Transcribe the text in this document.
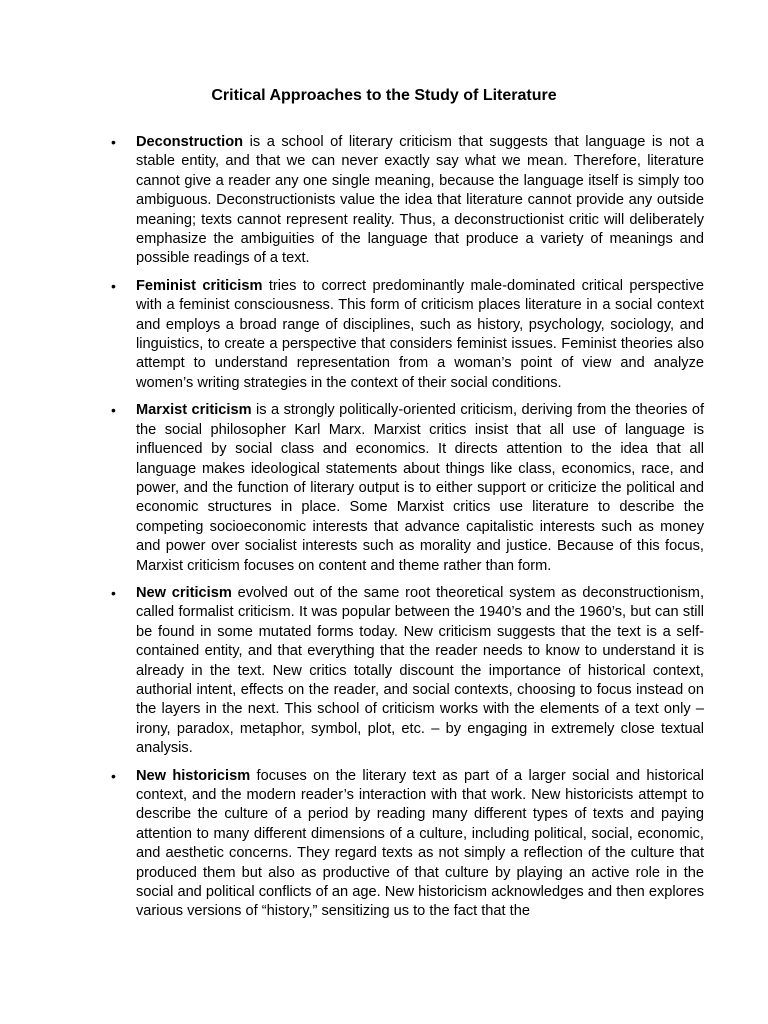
Critical Approaches to the Study of Literature
• Deconstruction is a school of literary criticism that suggests that language is not a stable entity, and that we can never exactly say what we mean. Therefore, literature cannot give a reader any one single meaning, because the language itself is simply too ambiguous. Deconstructionists value the idea that literature cannot provide any outside meaning; texts cannot represent reality. Thus, a deconstructionist critic will deliberately emphasize the ambiguities of the language that produce a variety of meanings and possible readings of a text.
• Feminist criticism tries to correct predominantly male-dominated critical perspective with a feminist consciousness. This form of criticism places literature in a social context and employs a broad range of disciplines, such as history, psychology, sociology, and linguistics, to create a perspective that considers feminist issues. Feminist theories also attempt to understand representation from a woman’s point of view and analyze women’s writing strategies in the context of their social conditions.
• Marxist criticism is a strongly politically-oriented criticism, deriving from the theories of the social philosopher Karl Marx. Marxist critics insist that all use of language is influenced by social class and economics. It directs attention to the idea that all language makes ideological statements about things like class, economics, race, and power, and the function of literary output is to either support or criticize the political and economic structures in place. Some Marxist critics use literature to describe the competing socioeconomic interests that advance capitalistic interests such as money and power over socialist interests such as morality and justice. Because of this focus, Marxist criticism focuses on content and theme rather than form.
• New criticism evolved out of the same root theoretical system as deconstructionism, called formalist criticism. It was popular between the 1940’s and the 1960’s, but can still be found in some mutated forms today. New criticism suggests that the text is a self-contained entity, and that everything that the reader needs to know to understand it is already in the text. New critics totally discount the importance of historical context, authorial intent, effects on the reader, and social contexts, choosing to focus instead on the layers in the next. This school of criticism works with the elements of a text only – irony, paradox, metaphor, symbol, plot, etc. – by engaging in extremely close textual analysis.
• New historicism focuses on the literary text as part of a larger social and historical context, and the modern reader’s interaction with that work. New historicists attempt to describe the culture of a period by reading many different types of texts and paying attention to many different dimensions of a culture, including political, social, economic, and aesthetic concerns. They regard texts as not simply a reflection of the culture that produced them but also as productive of that culture by playing an active role in the social and political conflicts of an age. New historicism acknowledges and then explores various versions of “history,” sensitizing us to the fact that the
